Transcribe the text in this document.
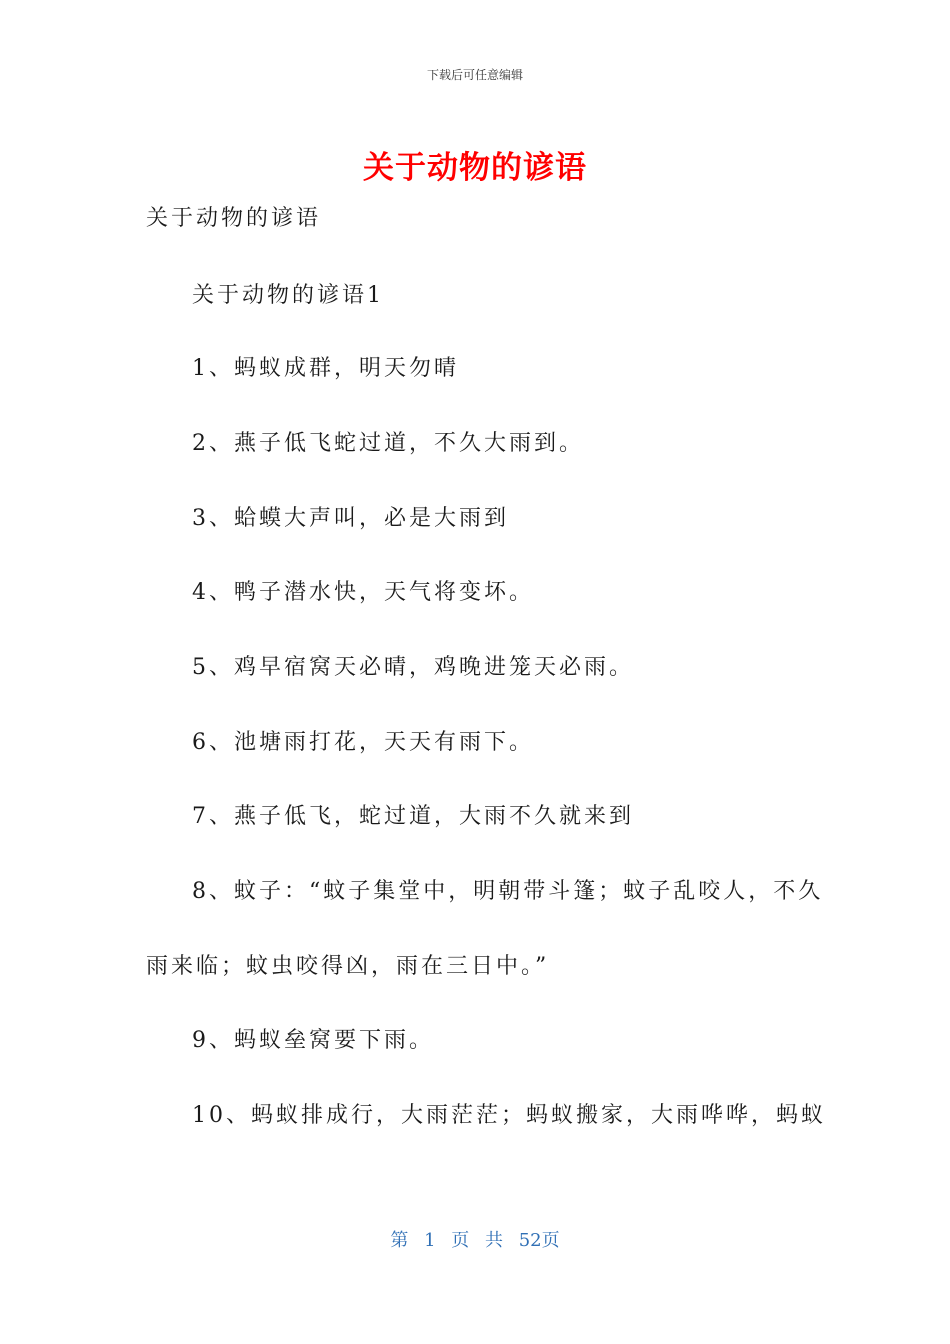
下载后可任意编辑
关于动物的谚语
关于动物的谚语
关于动物的谚语1
1、蚂蚁成群，明天勿晴
2、燕子低飞蛇过道，不久大雨到。
3、蛤蟆大声叫，必是大雨到
4、鸭子潜水快，天气将变坏。
5、鸡早宿窝天必晴，鸡晚进笼天必雨。
6、池塘雨打花，天天有雨下。
7、燕子低飞，蛇过道，大雨不久就来到
8、蚊子：“蚊子集堂中，明朝带斗篷；蚊子乱咬人，不久
雨来临；蚊虫咬得凶，雨在三日中。”
9、蚂蚁垒窝要下雨。
10、蚂蚁排成行，大雨茫茫；蚂蚁搬家，大雨哗哗，蚂蚁
第 1 页 共 52页
